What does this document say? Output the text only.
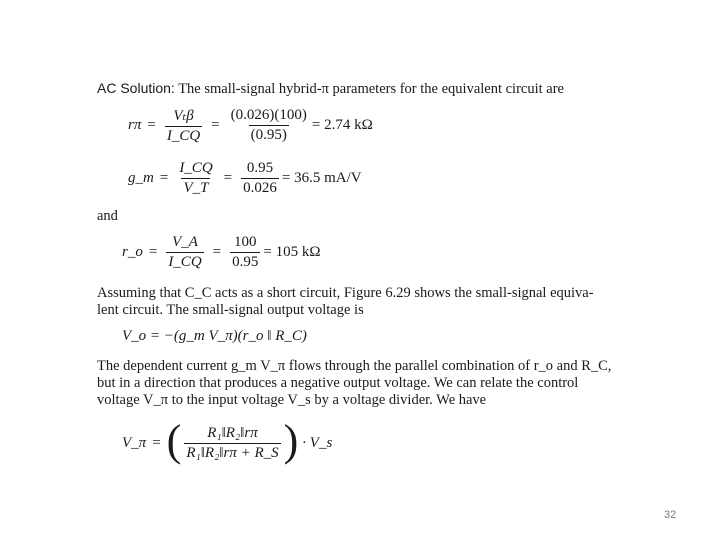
AC Solution: The small-signal hybrid-π parameters for the equivalent circuit are
$r\pi = \frac{\text{Vₜβ}}{I\_CQ} = \frac{(0.026)(100)}{(0.95)} = 2.74$ kΩ
g_m = $\frac{I\_CQ}{V\_T} = \frac{0.95}{0.026} = 36.5$ mA/V
and
r_o = $\frac{V\_A}{I\_CQ} = \frac{100}{0.95} = 105$ kΩ
Assuming that C_C acts as a short circuit, Figure 6.29 shows the small-signal equiva-
lent circuit. The small-signal output voltage is
V_o = −(g_m V_π)(r_o ‖ R_C)
The dependent current g_m V_π flows through the parallel combination of r_o and R_C,
but in a direction that produces a negative output voltage. We can relate the control
voltage V_π to the input voltage V_s by a voltage divider. We have
V_π = ( $\frac{\text{R₁‖R₂‖rπ}}{\text{R₁‖R₂‖rπ + R\_S}}$ ) · V_s
32
